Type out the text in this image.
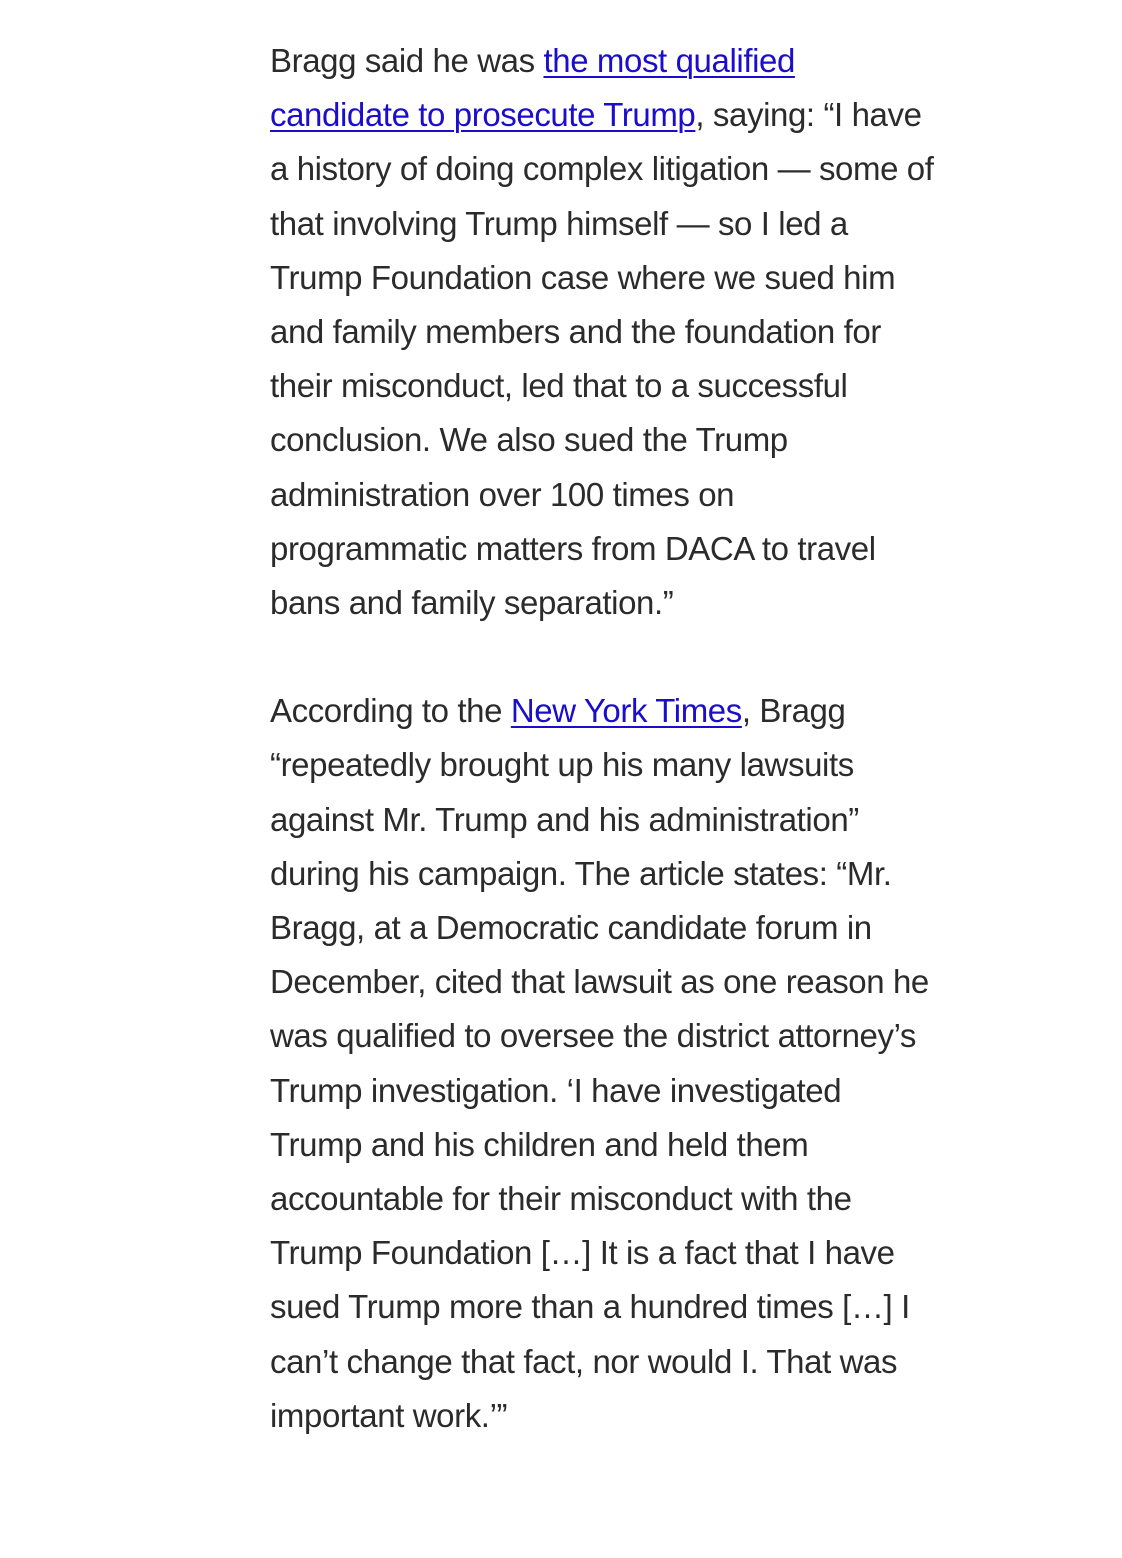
Bragg said he was the most qualified candidate to prosecute Trump, saying: “I have a history of doing complex litigation — some of that involving Trump himself — so I led a Trump Foundation case where we sued him and family members and the foundation for their misconduct, led that to a successful conclusion. We also sued the Trump administration over 100 times on programmatic matters from DACA to travel bans and family separation.”

According to the New York Times, Bragg “repeatedly brought up his many lawsuits against Mr. Trump and his administration” during his campaign. The article states: “Mr. Bragg, at a Democratic candidate forum in December, cited that lawsuit as one reason he was qualified to oversee the district attorney’s Trump investigation. ‘I have investigated Trump and his children and held them accountable for their misconduct with the Trump Foundation […] It is a fact that I have sued Trump more than a hundred times […] I can’t change that fact, nor would I. That was important work.’”
